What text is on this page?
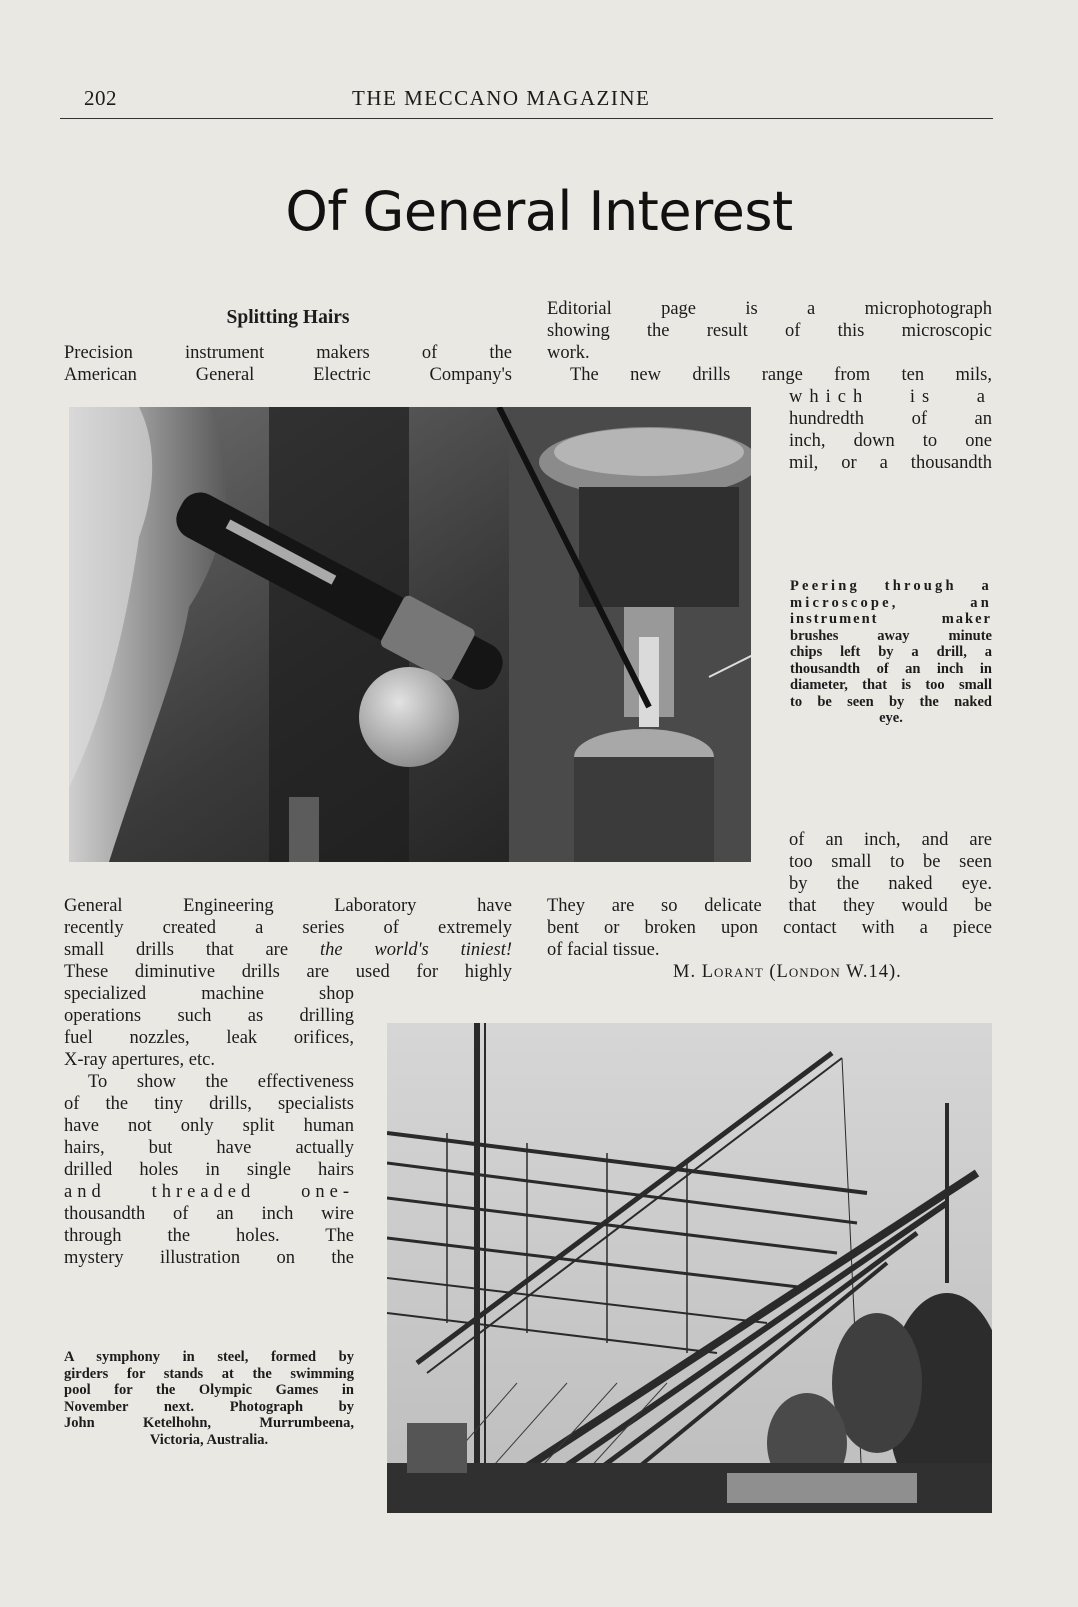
202	THE MECCANO MAGAZINE
Of General Interest
Splitting Hairs

Precision instrument makers of the

American General Electric Company's

Editorial page is a microphotograph

showing the result of this microscopic

work.

The new drills range from ten mils,

which is a

hundredth of an

inch, down to one

mil, or a thousandth

Peering through a
microscope, an
instrument maker
brushes away minute
chips left by a drill, a
thousandth of an inch in
diameter, that is too small
to be seen by the naked
eye.

of an inch, and are

too small to be seen

by the naked eye.

General Engineering Laboratory have

recently created a series of extremely

small drills that are the world's tiniest!

These diminutive drills are used for highly

They are so delicate that they would be

bent or broken upon contact with a piece

of facial tissue.

M. Lorant (London W.14).

specialized machine shop

operations such as drilling

fuel nozzles, leak orifices,

X-ray apertures, etc.

To show the effectiveness

of the tiny drills, specialists

have not only split human

hairs, but have actually

drilled holes in single hairs

and threaded one-

thousandth of an inch wire

through the holes. The

mystery illustration on the

A symphony in steel, formed by
girders for stands at the swimming
pool for the Olympic Games in
November next. Photograph by
John Ketelhohn, Murrumbeena,
Victoria, Australia.
